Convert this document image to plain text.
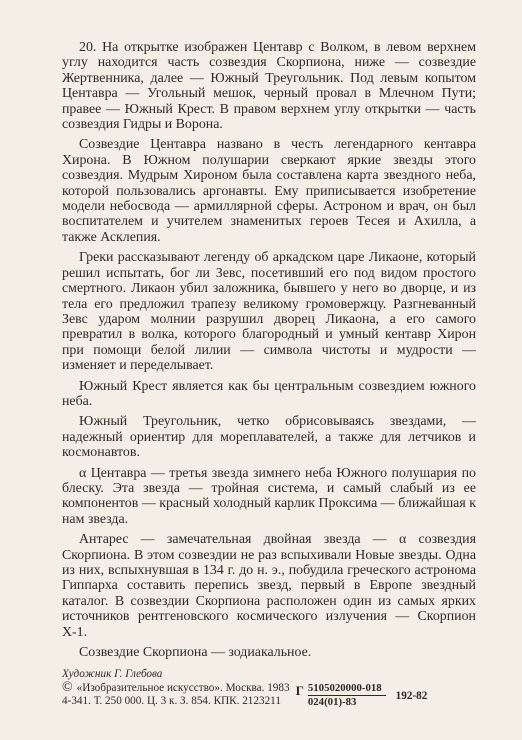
20. На открытке изображен Центавр с Волком, в левом верхнем углу находится часть созвездия Скорпиона, ниже — созвездие Жертвенника, далее — Южный Треугольник. Под левым копытом Центавра — Угольный мешок, черный провал в Млечном Пути; правее — Южный Крест. В правом верхнем углу открытки — часть созвездия Гидры и Ворона.

Созвездие Центавра названо в честь легендарного кентавра Хирона. В Южном полушарии сверкают яркие звезды этого созвездия. Мудрым Хироном была составлена карта звездного неба, которой пользовались аргонавты. Ему приписывается изобретение модели небосвода — армиллярной сферы. Астроном и врач, он был воспитателем и учителем знаменитых героев Тесея и Ахилла, а также Асклепия.

Греки рассказывают легенду об аркадском царе Ликаоне, который решил испытать, бог ли Зевс, посетивший его под видом простого смертного. Ликаон убил заложника, бывшего у него во дворце, и из тела его предложил трапезу великому громовержцу. Разгневанный Зевс ударом молнии разрушил дворец Ликаона, а его самого превратил в волка, которого благородный и умный кентавр Хирон при помощи белой лилии — символа чистоты и мудрости — изменяет и переделывает.

Южный Крест является как бы центральным созвездием южного неба.

Южный Треугольник, четко обрисовываясь звездами, — надежный ориентир для мореплавателей, а также для летчиков и космонавтов.

α Центавра — третья звезда зимнего неба Южного полушария по блеску. Эта звезда — тройная система, и самый слабый из ее компонентов — красный холодный карлик Проксима — ближайшая к нам звезда.

Антарес — замечательная двойная звезда — α созвездия Скорпиона. В этом созвездии не раз вспыхивали Новые звезды. Одна из них, вспыхнувшая в 134 г. до н. э., побудила греческого астронома Гиппарха составить перепись звезд, первый в Европе звездный каталог. В созвездии Скорпиона расположен один из самых ярких источников рентгеновского космического излучения — Скорпион Х-1.

Созвездие Скорпиона — зодиакальное.

Художник Г. Глебова
© «Изобразительное искусство». Москва. 1983
4-341. Т. 250 000. Ц. 3 к. З. 854. КПК. 2123211
Г $\frac{5105020000-018}{024(01)-83} 192-82$
